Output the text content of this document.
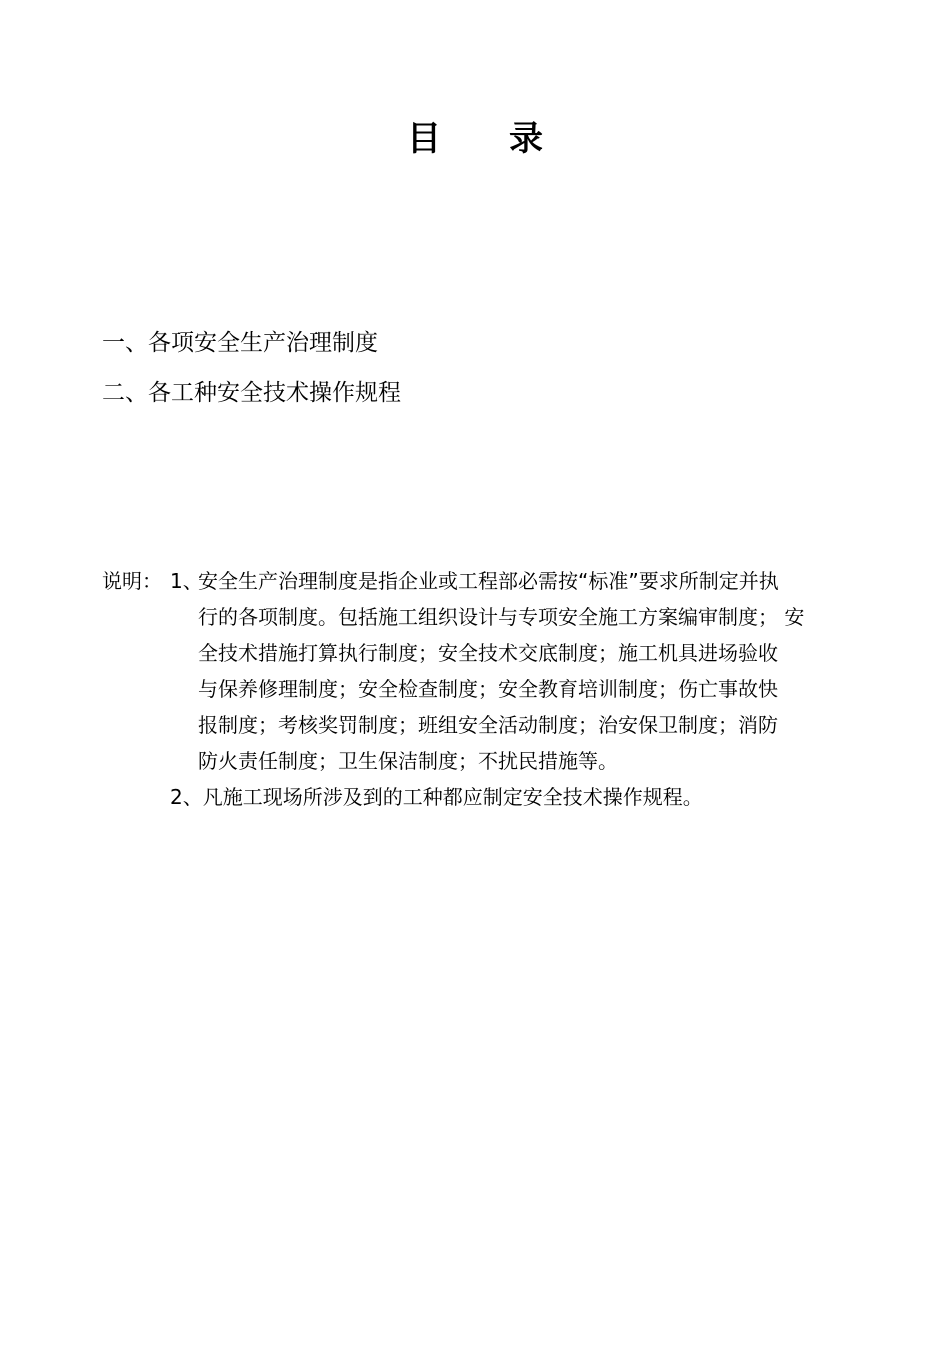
目 录
一、各项安全生产治理制度
二、各工种安全技术操作规程
说明： 1、
安全生产治理制度是指企业或工程部必需按“标准”要求所制定并执
行的各项制度。包括施工组织设计与专项安全施工方案编审制度； 安
全技术措施打算执行制度；安全技术交底制度；施工机具进场验收
与保养修理制度；安全检查制度；安全教育培训制度；伤亡事故快
报制度；考核奖罚制度；班组安全活动制度；治安保卫制度；消防
防火责任制度；卫生保洁制度；不扰民措施等。
2、凡施工现场所涉及到的工种都应制定安全技术操作规程。
